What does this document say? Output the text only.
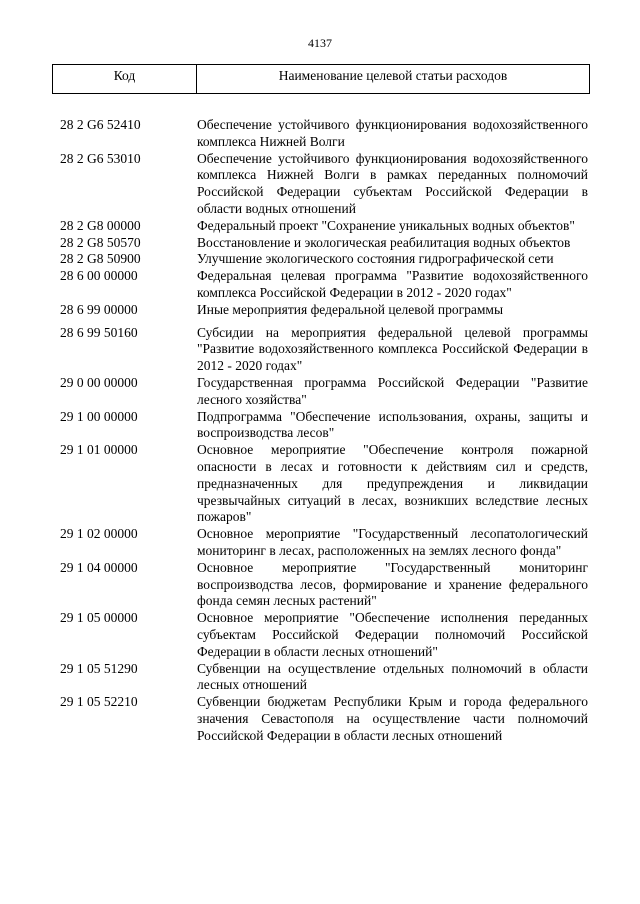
4137
Код	Наименование целевой статьи расходов
28 2 G6 52410	Обеспечение устойчивого функционирования водохозяйственного комплекса Нижней Волги
28 2 G6 53010	Обеспечение устойчивого функционирования водохозяйственного комплекса Нижней Волги в рамках переданных полномочий Российской Федерации субъектам Российской Федерации в области водных отношений
28 2 G8 00000	Федеральный проект "Сохранение уникальных водных объектов"
28 2 G8 50570	Восстановление и экологическая реабилитация водных объектов
28 2 G8 50900	Улучшение экологического состояния гидрографической сети
28 6 00 00000	Федеральная целевая программа "Развитие водохозяйственного комплекса Российской Федерации в 2012 - 2020 годах"
28 6 99 00000	Иные мероприятия федеральной целевой программы
28 6 99 50160	Субсидии на мероприятия федеральной целевой программы "Развитие водохозяйственного комплекса Российской Федерации в 2012 - 2020 годах"
29 0 00 00000	Государственная программа Российской Федерации "Развитие лесного хозяйства"
29 1 00 00000	Подпрограмма "Обеспечение использования, охраны, защиты и воспроизводства лесов"
29 1 01 00000	Основное мероприятие "Обеспечение контроля пожарной опасности в лесах и готовности к действиям сил и средств, предназначенных для предупреждения и ликвидации чрезвычайных ситуаций в лесах, возникших вследствие лесных пожаров"
29 1 02 00000	Основное мероприятие "Государственный лесопатологический мониторинг в лесах, расположенных на землях лесного фонда"
29 1 04 00000	Основное мероприятие "Государственный мониторинг воспроизводства лесов, формирование и хранение федерального фонда семян лесных растений"
29 1 05 00000	Основное мероприятие "Обеспечение исполнения переданных субъектам Российской Федерации полномочий Российской Федерации в области лесных отношений"
29 1 05 51290	Субвенции на осуществление отдельных полномочий в области лесных отношений
29 1 05 52210	Субвенции бюджетам Республики Крым и города федерального значения Севастополя на осуществление части полномочий Российской Федерации в области лесных отношений
